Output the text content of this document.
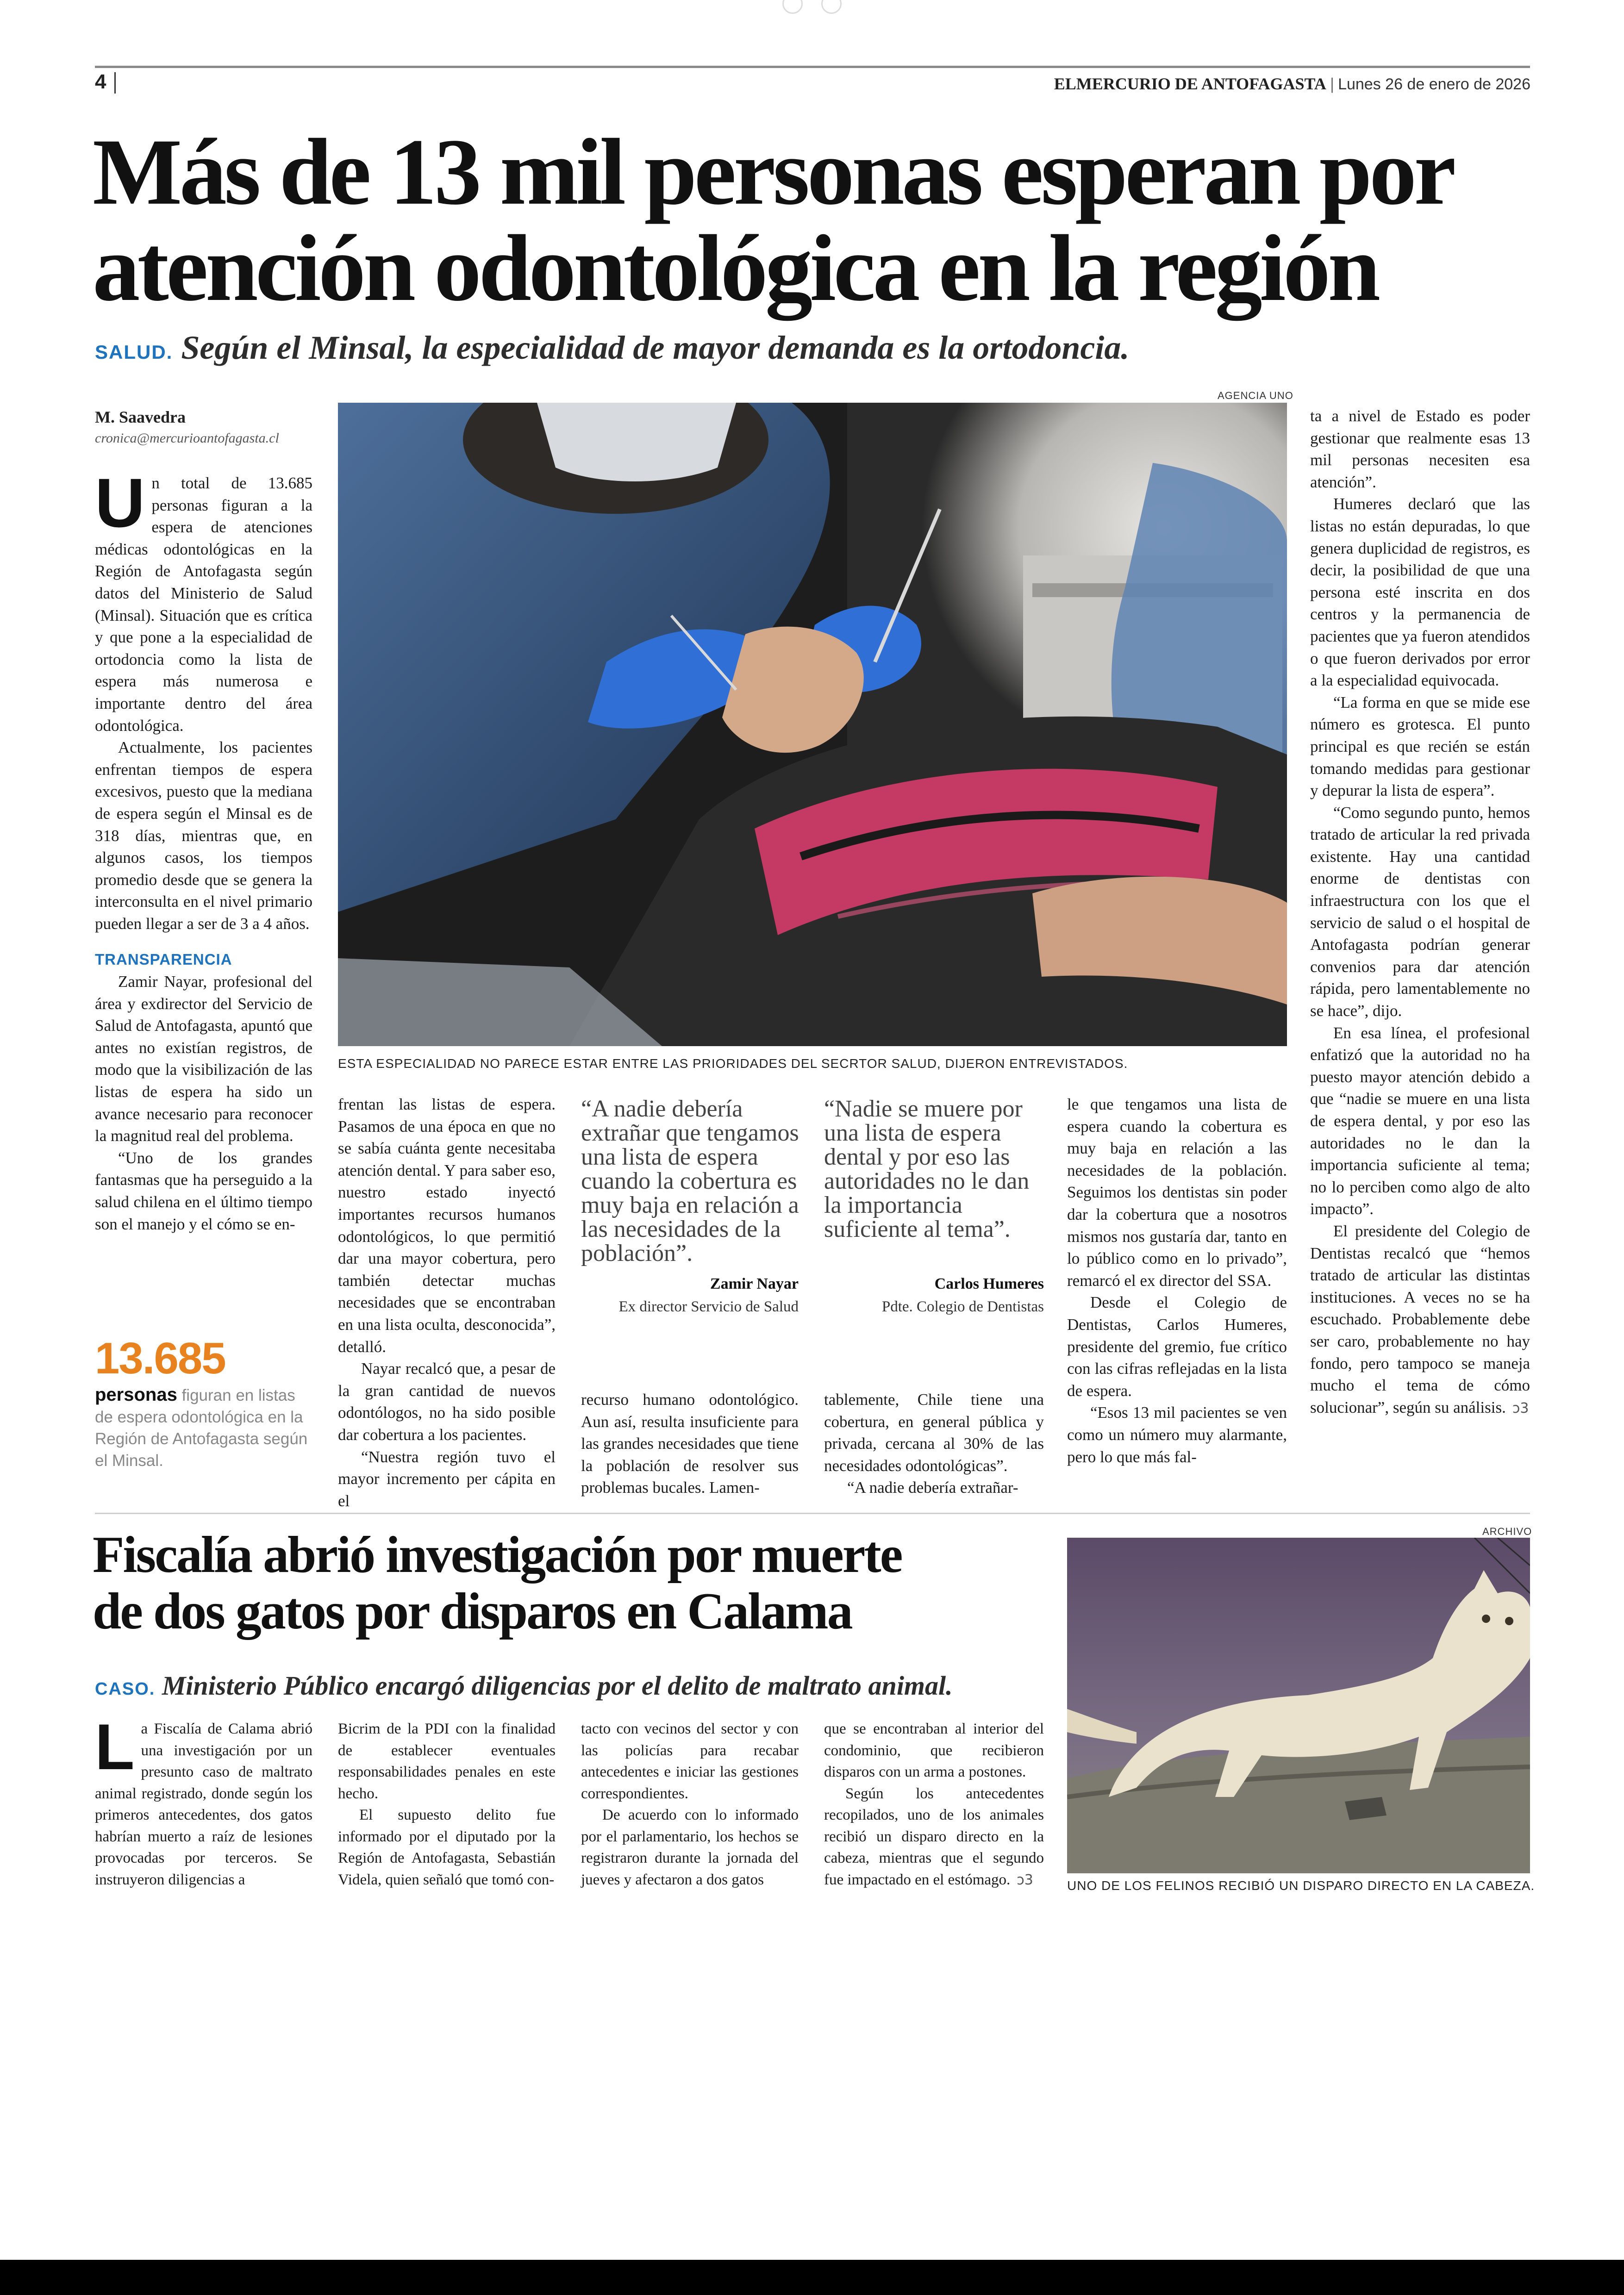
4	ELMERCURIO DE ANTOFAGASTA | Lunes 26 de enero de 2026
Más de 13 mil personas esperan por
atención odontológica en la región
SALUD. Según el Minsal, la especialidad de mayor demanda es la ortodoncia.
M. Saavedra
cronica@mercurioantofagasta.cl

Un total de 13.685 personas figuran a la espera de atenciones médicas odontológicas en la Región de Antofagasta según datos del Ministerio de Salud (Minsal). Situación que es crítica y que pone a la especialidad de ortodoncia como la lista de espera más numerosa e importante dentro del área odontológica.

Actualmente, los pacientes enfrentan tiempos de espera excesivos, puesto que la mediana de espera según el Minsal es de 318 días, mientras que, en algunos casos, los tiempos promedio desde que se genera la interconsulta en el nivel primario pueden llegar a ser de 3 a 4 años.

TRANSPARENCIA

Zamir Nayar, profesional del área y exdirector del Servicio de Salud de Antofagasta, apuntó que antes no existían registros, de modo que la visibilización de las listas de espera ha sido un avance necesario para reconocer la magnitud real del problema.

“Uno de los grandes fantasmas que ha perseguido a la salud chilena en el último tiempo son el manejo y el cómo se en-

13.685
personas figuran en listas de espera odontológica en la Región de Antofagasta según el Minsal.
AGENCIA UNO
ESTA ESPECIALIDAD NO PARECE ESTAR ENTRE LAS PRIORIDADES DEL SECRTOR SALUD, DIJERON ENTREVISTADOS.

frentan las listas de espera. Pasamos de una época en que no se sabía cuánta gente necesitaba atención dental. Y para saber eso, nuestro estado inyectó importantes recursos humanos odontológicos, lo que permitió dar una mayor cobertura, pero también detectar muchas necesidades que se encontraban en una lista oculta, desconocida”, detalló.

Nayar recalcó que, a pesar de la gran cantidad de nuevos odontólogos, no ha sido posible dar cobertura a los pacientes.

“Nuestra región tuvo el mayor incremento per cápita en el

“A nadie debería extrañar que tengamos una lista de espera cuando la cobertura es muy baja en relación a las necesidades de la población”.
Zamir Nayar
Ex director Servicio de Salud

recurso humano odontológico. Aun así, resulta insuficiente para las grandes necesidades que tiene la población de resolver sus problemas bucales. Lamen-

“Nadie se muere por una lista de espera dental y por eso las autoridades no le dan la importancia suficiente al tema”.
Carlos Humeres
Pdte. Colegio de Dentistas

tablemente, Chile tiene una cobertura, en general pública y privada, cercana al 30% de las necesidades odontológicas”.

“A nadie debería extrañar-

le que tengamos una lista de espera cuando la cobertura es muy baja en relación a las necesidades de la población. Seguimos los dentistas sin poder dar la cobertura que a nosotros mismos nos gustaría dar, tanto en lo público como en lo privado”, remarcó el ex director del SSA.

Desde el Colegio de Dentistas, Carlos Humeres, presidente del gremio, fue crítico con las cifras reflejadas en la lista de espera.

“Esos 13 mil pacientes se ven como un número muy alarmante, pero lo que más fal-

ta a nivel de Estado es poder gestionar que realmente esas 13 mil personas necesiten esa atención”.

Humeres declaró que las listas no están depuradas, lo que genera duplicidad de registros, es decir, la posibilidad de que una persona esté inscrita en dos centros y la permanencia de pacientes que ya fueron atendidos o que fueron derivados por error a la especialidad equivocada.

“La forma en que se mide ese número es grotesca. El punto principal es que recién se están tomando medidas para gestionar y depurar la lista de espera”.

“Como segundo punto, hemos tratado de articular la red privada existente. Hay una cantidad enorme de dentistas con infraestructura con los que el servicio de salud o el hospital de Antofagasta podrían generar convenios para dar atención rápida, pero lamentablemente no se hace”, dijo.

En esa línea, el profesional enfatizó que la autoridad no ha puesto mayor atención debido a que “nadie se muere en una lista de espera dental, y por eso las autoridades no le dan la importancia suficiente al tema; no lo perciben como algo de alto impacto”.

El presidente del Colegio de Dentistas recalcó que “hemos tratado de articular las distintas instituciones. A veces no se ha escuchado. Probablemente debe ser caro, probablemente no hay fondo, pero tampoco se maneja mucho el tema de cómo solucionar”, según su análisis. ↄ3

Fiscalía abrió investigación por muerte
de dos gatos por disparos en Calama
CASO. Ministerio Público encargó diligencias por el delito de maltrato animal.

La Fiscalía de Calama abrió una investigación por un presunto caso de maltrato animal registrado, donde según los primeros antecedentes, dos gatos habrían muerto a raíz de lesiones provocadas por terceros. Se instruyeron diligencias a

Bicrim de la PDI con la finalidad de establecer eventuales responsabilidades penales en este hecho.

El supuesto delito fue informado por el diputado por la Región de Antofagasta, Sebastián Videla, quien señaló que tomó con-

tacto con vecinos del sector y con las policías para recabar antecedentes e iniciar las gestiones correspondientes.

De acuerdo con lo informado por el parlamentario, los hechos se registraron durante la jornada del jueves y afectaron a dos gatos

que se encontraban al interior del condominio, que recibieron disparos con un arma a postones.

Según los antecedentes recopilados, uno de los animales recibió un disparo directo en la cabeza, mientras que el segundo fue impactado en el estómago. ↄ3

ARCHIVO
UNO DE LOS FELINOS RECIBIÓ UN DISPARO DIRECTO EN LA CABEZA.
